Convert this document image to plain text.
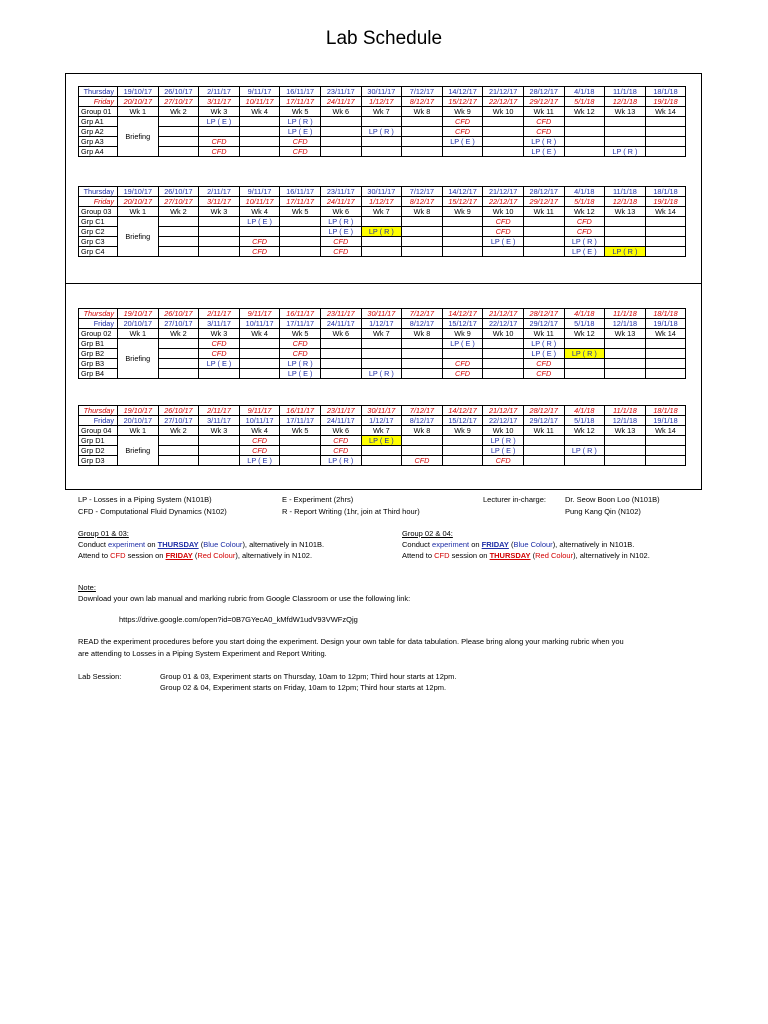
Lab Schedule
Thursday	19/10/17	26/10/17	2/11/17	9/11/17	16/11/17	23/11/17	30/11/17	7/12/17	14/12/17	21/12/17	28/12/17	4/1/18	11/1/18	18/1/18
Friday	20/10/17	27/10/17	3/11/17	10/11/17	17/11/17	24/11/17	1/12/17	8/12/17	15/12/17	22/12/17	29/12/17	5/1/18	12/1/18	19/1/18
Group 01	Wk 1	Wk 2	Wk 3	Wk 4	Wk 5	Wk 6	Wk 7	Wk 8	Wk 9	Wk 10	Wk 11	Wk 12	Wk 13	Wk 14
Grp A1	Briefing		LP ( E )		LP ( R )				CFD		CFD			
Grp A2					LP ( E )		LP ( R )		CFD		CFD			
Grp A3			CFD		CFD				LP ( E )		LP ( R )			
Grp A4			CFD		CFD						LP ( E )		LP ( R )	
Thursday	19/10/17	26/10/17	2/11/17	9/11/17	16/11/17	23/11/17	30/11/17	7/12/17	14/12/17	21/12/17	28/12/17	4/1/18	11/1/18	18/1/18
Friday	20/10/17	27/10/17	3/11/17	10/11/17	17/11/17	24/11/17	1/12/17	8/12/17	15/12/17	22/12/17	29/12/17	5/1/18	12/1/18	19/1/18
Group 03	Wk 1	Wk 2	Wk 3	Wk 4	Wk 5	Wk 6	Wk 7	Wk 8	Wk 9	Wk 10	Wk 11	Wk 12	Wk 13	Wk 14
Grp C1	Briefing			LP ( E )		LP ( R )				CFD		CFD		
Grp C2						LP ( E )	LP ( R )			CFD		CFD		
Grp C3				CFD		CFD				LP ( E )		LP ( R )		
Grp C4				CFD		CFD						LP ( E )	LP ( R )	
Thursday	19/10/17	26/10/17	2/11/17	9/11/17	16/11/17	23/11/17	30/11/17	7/12/17	14/12/17	21/12/17	28/12/17	4/1/18	11/1/18	18/1/18
Friday	20/10/17	27/10/17	3/11/17	10/11/17	17/11/17	24/11/17	1/12/17	8/12/17	15/12/17	22/12/17	29/12/17	5/1/18	12/1/18	19/1/18
Group 02	Wk 1	Wk 2	Wk 3	Wk 4	Wk 5	Wk 6	Wk 7	Wk 8	Wk 9	Wk 10	Wk 11	Wk 12	Wk 13	Wk 14
Grp B1	Briefing		CFD		CFD				LP ( E )		LP ( R )			
Grp B2			CFD		CFD						LP ( E )	LP ( R )		
Grp B3			LP ( E )		LP ( R )				CFD		CFD			
Grp B4					LP ( E )		LP ( R )		CFD		CFD			
Thursday	19/10/17	26/10/17	2/11/17	9/11/17	16/11/17	23/11/17	30/11/17	7/12/17	14/12/17	21/12/17	28/12/17	4/1/18	11/1/18	18/1/18
Friday	20/10/17	27/10/17	3/11/17	10/11/17	17/11/17	24/11/17	1/12/17	8/12/17	15/12/17	22/12/17	29/12/17	5/1/18	12/1/18	19/1/18
Group 04	Wk 1	Wk 2	Wk 3	Wk 4	Wk 5	Wk 6	Wk 7	Wk 8	Wk 9	Wk 10	Wk 11	Wk 12	Wk 13	Wk 14
Grp D1	Briefing			CFD		CFD	LP ( E )			LP ( R )				
Grp D2				CFD		CFD				LP ( E )		LP ( R )		
Grp D3				LP ( E )		LP ( R )		CFD		CFD				
LP - Losses in a Piping System (N101B)
CFD - Computational Fluid Dynamics (N102)
E - Experiment (2hrs)
R - Report Writing (1hr, join at Third hour)
Lecturer in-charge:	Dr. Seow Boon Loo (N101B)
Pung Kang Qin (N102)
Group 01 & 03:
Conduct experiment on THURSDAY (Blue Colour), alternatively in N101B.
Attend to CFD session on FRIDAY (Red Colour), alternatively in N102.
Group 02 & 04:
Conduct experiment on FRIDAY (Blue Colour), alternatively in N101B.
Attend to CFD session on THURSDAY (Red Colour), alternatively in N102.
Note:
Download your own lab manual and marking rubric from Google Classroom or use the following link:
https://drive.google.com/open?id=0B7GYecA0_kMfdW1udV93VWFzQjg
READ the experiment procedures before you start doing the experiment. Design your own table for data tabulation. Please bring along your marking rubric when you
are attending to Losses in a Piping System Experiment and Report Writing.
Lab Session:	Group 01 & 03, Experiment starts on Thursday, 10am to 12pm; Third hour starts at 12pm.
Group 02 & 04, Experiment starts on Friday, 10am to 12pm; Third hour starts at 12pm.
